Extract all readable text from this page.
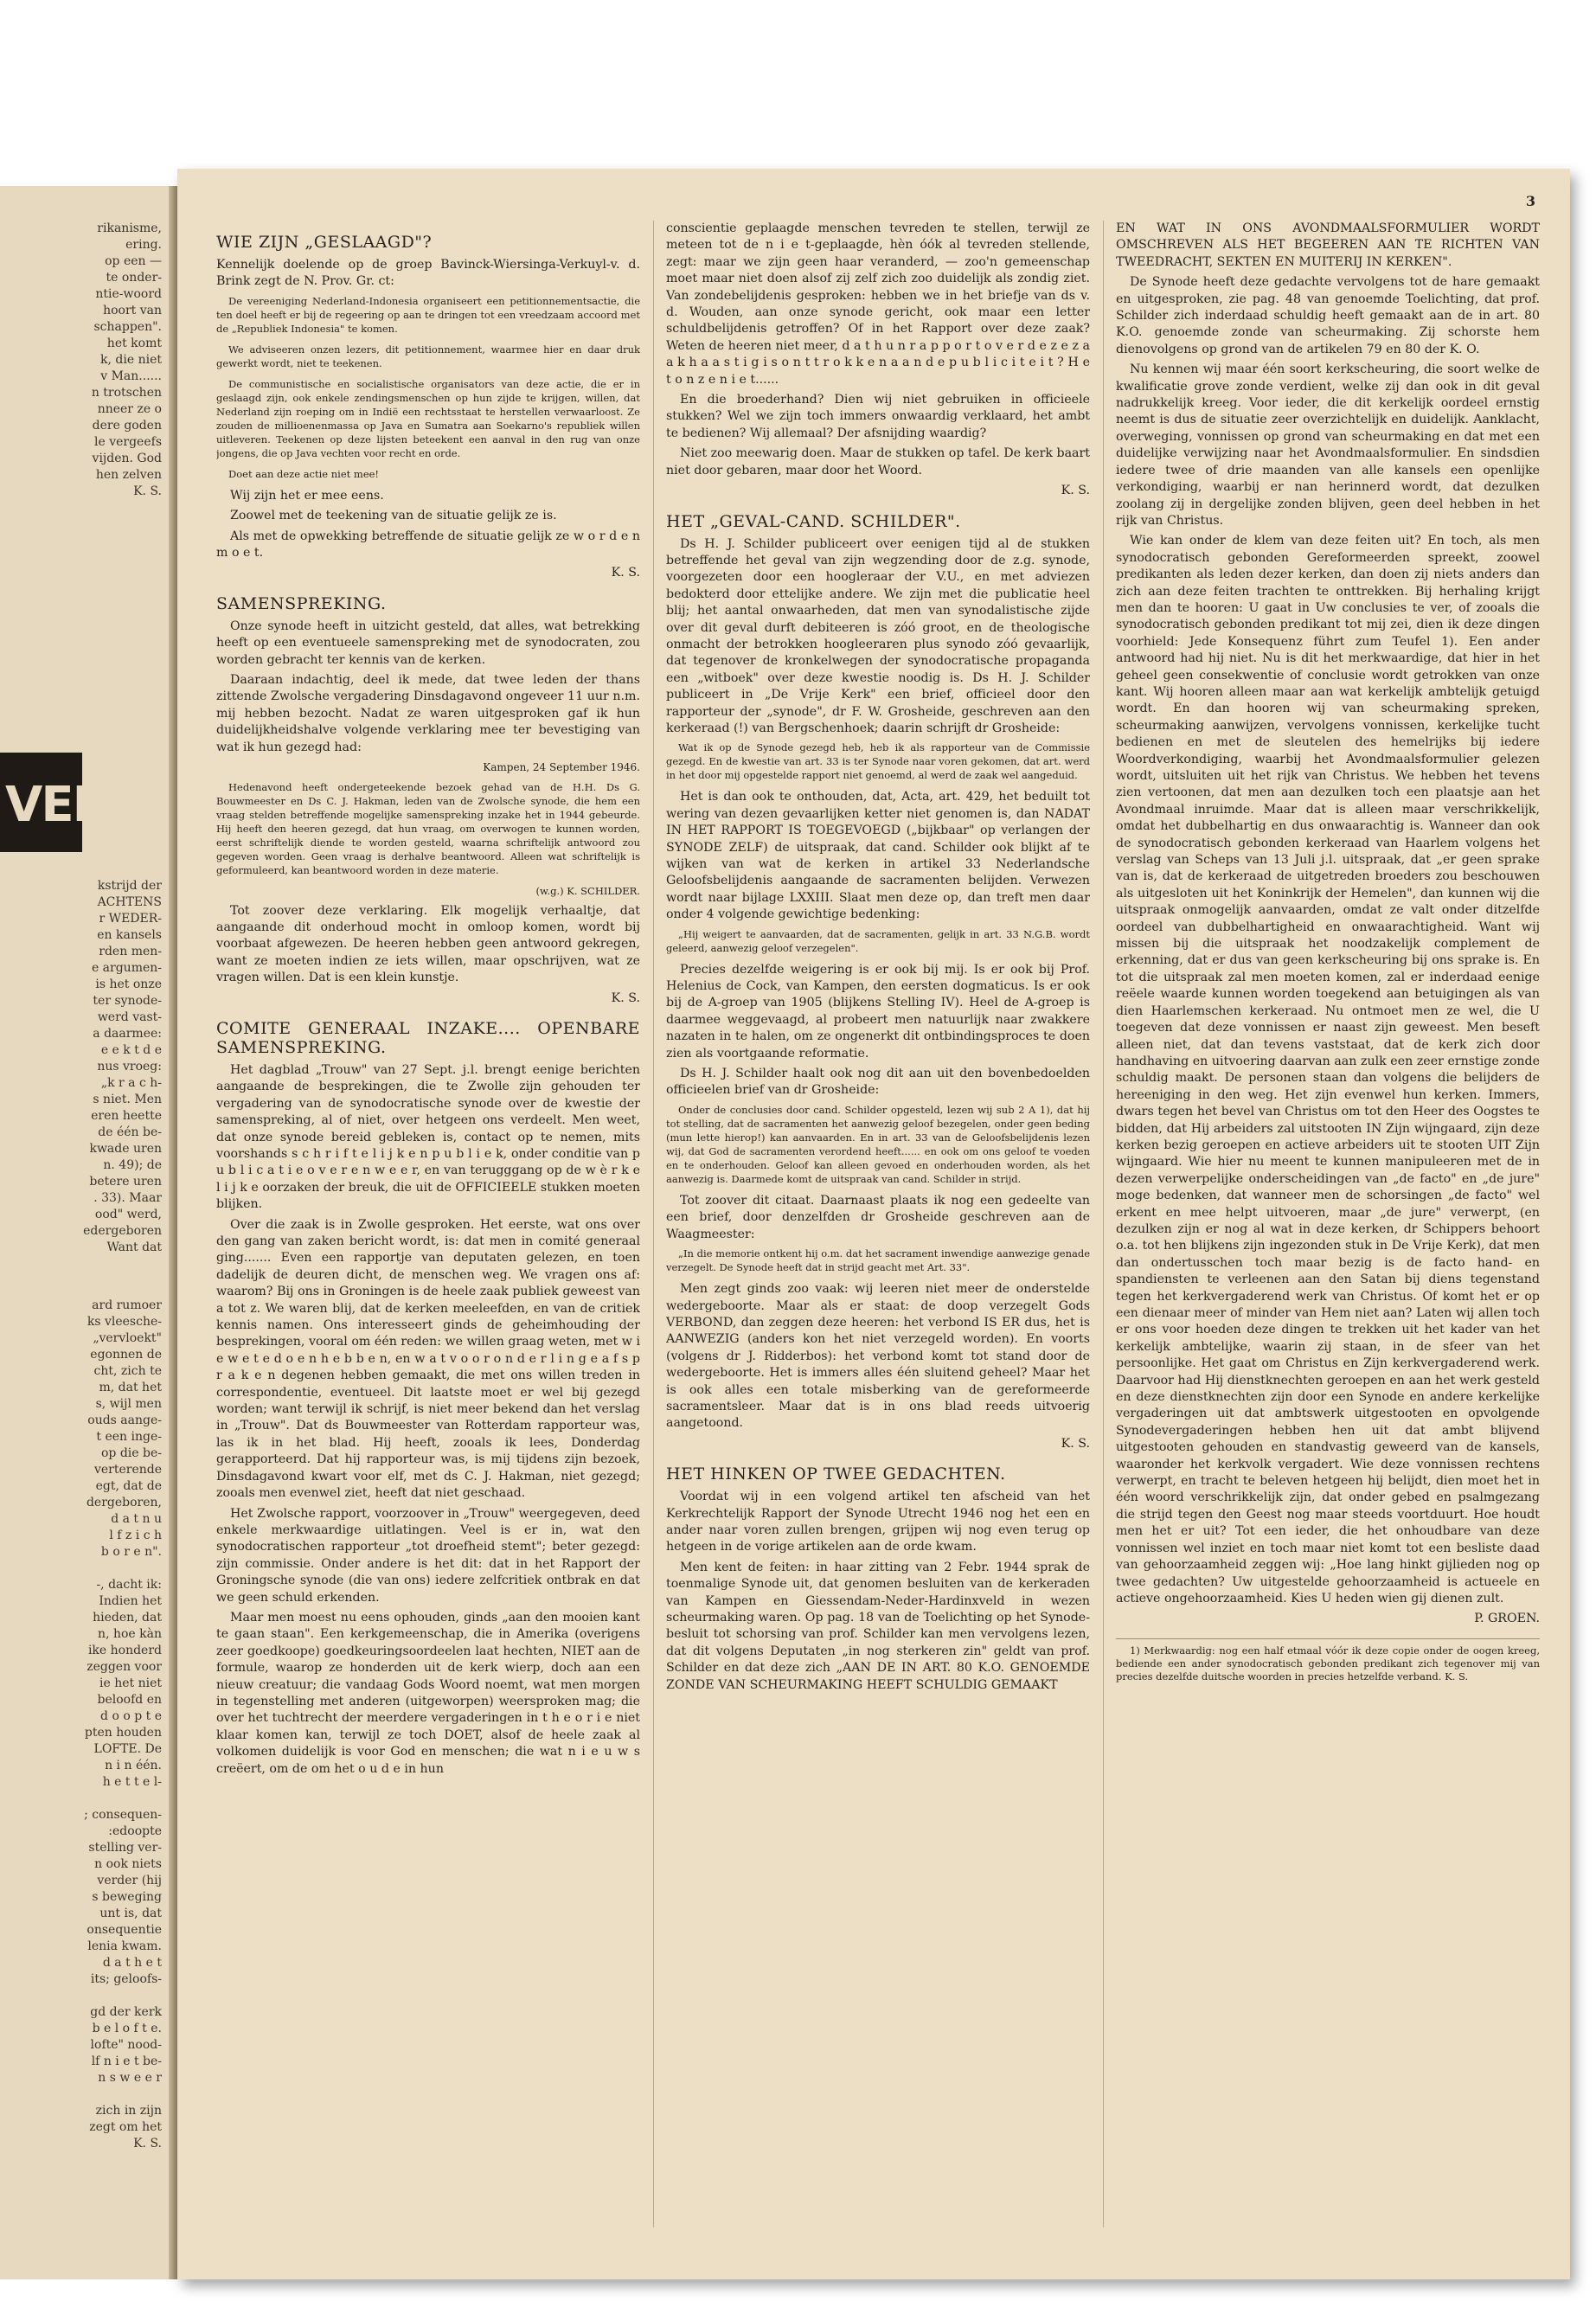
rikanisme,
ering.
op een —
te onder-
ntie-woord
hoort van
schappen".
het komt
k, die niet
v Man......
n trotschen
nneer ze o
dere goden
le vergeefs
vijden. God
hen zelven
K. S.
VEN
kstrijd der
ACHTENS
r WEDER-
en kansels
rden men-
e argumen-
is het onze
ter synode-
werd vast-
a daarmee:
e e k t d e
nus vroeg:
„k r a c h-
s niet. Men
eren heette
de één be-
kwade uren
n. 49); de
betere uren
. 33). Maar
ood" werd,
edergeboren
Want dat
ard rumoer
ks vleesche-
„vervloekt"
egonnen de
cht, zich te
m, dat het
s, wijl men
ouds aange-
t een inge-
op die be-
verterende
egt, dat de
dergeboren,
d a t n u
l f z i c h
b o r e n".

-, dacht ik:
Indien het
hieden, dat
n, hoe kàn
ike honderd
zeggen voor
ie het niet
beloofd en
d o o p t e
pten houden
LOFTE. De
n i n één.
h e t t e l-

; consequen-
:edoopte
stelling ver-
n ook niets
verder (hij
s beweging
unt is, dat
onsequentie
lenia kwam.
d a t h e t
its; geloofs-

gd der kerk
b e l o f t e.
lofte" nood-
lf n i e t be-
n s w e e r

zich in zijn
zegt om het
K. S.
3
WIE ZIJN „GESLAAGD"?

Kennelijk doelende op de groep Bavinck-Wiersinga-Verkuyl-v. d. Brink zegt de N. Prov. Gr. ct:

De vereeniging Nederland-Indonesia organiseert een petitionnementsactie, die ten doel heeft er bij de regeering op aan te dringen tot een vreedzaam accoord met de „Republiek Indonesia" te komen.

We adviseeren onzen lezers, dit petitionnement, waarmee hier en daar druk gewerkt wordt, niet te teekenen.

De communistische en socialistische organisators van deze actie, die er in geslaagd zijn, ook enkele zendingsmenschen op hun zijde te krijgen, willen, dat Nederland zijn roeping om in Indië een rechtsstaat te herstellen verwaarloost. Ze zouden de millioenenmassa op Java en Sumatra aan Soekarno's republiek willen uitleveren. Teekenen op deze lijsten beteekent een aanval in den rug van onze jongens, die op Java vechten voor recht en orde.

Doet aan deze actie niet mee!

Wij zijn het er mee eens.

Zoowel met de teekening van de situatie gelijk ze is.

Als met de opwekking betreffende de situatie gelijk ze w o r d e n m o e t.

K. S.

SAMENSPREKING.

Onze synode heeft in uitzicht gesteld, dat alles, wat betrekking heeft op een eventueele samenspreking met de synodocraten, zou worden gebracht ter kennis van de kerken.

Daaraan indachtig, deel ik mede, dat twee leden der thans zittende Zwolsche vergadering Dinsdagavond ongeveer 11 uur n.m. mij hebben bezocht. Nadat ze waren uitgesproken gaf ik hun duidelijkheidshalve volgende verklaring mee ter bevestiging van wat ik hun gezegd had:

Kampen, 24 September 1946.

Hedenavond heeft ondergeteekende bezoek gehad van de H.H. Ds G. Bouwmeester en Ds C. J. Hakman, leden van de Zwolsche synode, die hem een vraag stelden betreffende mogelijke samenspreking inzake het in 1944 gebeurde. Hij heeft den heeren gezegd, dat hun vraag, om overwogen te kunnen worden, eerst schriftelijk diende te worden gesteld, waarna schriftelijk antwoord zou gegeven worden. Geen vraag is derhalve beantwoord. Alleen wat schriftelijk is geformuleerd, kan beantwoord worden in deze materie.

(w.g.) K. SCHILDER.

Tot zoover deze verklaring. Elk mogelijk verhaaltje, dat aangaande dit onderhoud mocht in omloop komen, wordt bij voorbaat afgewezen. De heeren hebben geen antwoord gekregen, want ze moeten indien ze iets willen, maar opschrijven, wat ze vragen willen. Dat is een klein kunstje.

K. S.

COMITE GENERAAL INZAKE.... OPENBARE SAMENSPREKING.

Het dagblad „Trouw" van 27 Sept. j.l. brengt eenige berichten aangaande de besprekingen, die te Zwolle zijn gehouden ter vergadering van de synodocratische synode over de kwestie der samenspreking, al of niet, over hetgeen ons verdeelt. Men weet, dat onze synode bereid gebleken is, contact op te nemen, mits voorshands s c h r i f t e l i j k e n p u b l i e k, onder conditie van p u b l i c a t i e o v e r e n w e e r, en van terugggang op de w è r k e l i j k e oorzaken der breuk, die uit de OFFICIEELE stukken moeten blijken.

Over die zaak is in Zwolle gesproken. Het eerste, wat ons over den gang van zaken bericht wordt, is: dat men in comité generaal ging....... Even een rapportje van deputaten gelezen, en toen dadelijk de deuren dicht, de menschen weg. We vragen ons af: waarom? Bij ons in Groningen is de heele zaak publiek geweest van a tot z. We waren blij, dat de kerken meeleefden, en van de critiek kennis namen. Ons interesseert ginds de geheimhouding der besprekingen, vooral om één reden: we willen graag weten, met w i e w e t e d o e n h e b b e n, en w a t v o o r o n d e r l i n g e a f s p r a k e n degenen hebben gemaakt, die met ons willen treden in correspondentie, eventueel. Dit laatste moet er wel bij gezegd worden; want terwijl ik schrijf, is niet meer bekend dan het verslag in „Trouw". Dat ds Bouwmeester van Rotterdam rapporteur was, las ik in het blad. Hij heeft, zooals ik lees, Donderdag gerapporteerd. Dat hij rapporteur was, is mij tijdens zijn bezoek, Dinsdagavond kwart voor elf, met ds C. J. Hakman, niet gezegd; zooals men evenwel ziet, heeft dat niet geschaad.

Het Zwolsche rapport, voorzoover in „Trouw" weergegeven, deed enkele merkwaardige uitlatingen. Veel is er in, wat den synodocratischen rapporteur „tot droefheid stemt"; beter gezegd: zijn commissie. Onder andere is het dit: dat in het Rapport der Groningsche synode (die van ons) iedere zelfcritiek ontbrak en dat we geen schuld erkenden.

Maar men moest nu eens ophouden, ginds „aan den mooien kant te gaan staan". Een kerkgemeenschap, die in Amerika (overigens zeer goedkoope) goedkeuringsoordeelen laat hechten, NIET aan de formule, waarop ze honderden uit de kerk wierp, doch aan een nieuw creatuur; die vandaag Gods Woord noemt, wat men morgen in tegenstelling met anderen (uitgeworpen) weersproken mag; die over het tuchtrecht der meerdere vergaderingen in t h e o r i e niet klaar komen kan, terwijl ze toch DOET, alsof de heele zaak al volkomen duidelijk is voor God en menschen; die wat n i e u w s creëert, om de om het o u d e in hun

conscientie geplaagde menschen tevreden te stellen, terwijl ze meteen tot de n i e t-geplaagde, hèn óók al tevreden stellende, zegt: maar we zijn geen haar veranderd, — zoo'n gemeenschap moet maar niet doen alsof zij zelf zich zoo duidelijk als zondig ziet. Van zondebelijdenis gesproken: hebben we in het briefje van ds v. d. Wouden, aan onze synode gericht, ook maar een letter schuldbelijdenis getroffen? Of in het Rapport over deze zaak? Weten de heeren niet meer, d a t h u n r a p p o r t o v e r d e z e z a a k h a a s t i g i s o n t t r o k k e n a a n d e p u b l i c i t e i t ? H e t o n z e n i e t......

En die broederhand? Dien wij niet gebruiken in officieele stukken? Wel we zijn toch immers onwaardig verklaard, het ambt te bedienen? Wij allemaal? Der afsnijding waardig?

Niet zoo meewarig doen. Maar de stukken op tafel. De kerk baart niet door gebaren, maar door het Woord.

K. S.

HET „GEVAL-CAND. SCHILDER".

Ds H. J. Schilder publiceert over eenigen tijd al de stukken betreffende het geval van zijn wegzending door de z.g. synode, voorgezeten door een hoogleraar der V.U., en met adviezen bedokterd door ettelijke andere. We zijn met die publicatie heel blij; het aantal onwaarheden, dat men van synodalistische zijde over dit geval durft debiteeren is zóó groot, en de theologische onmacht der betrokken hoogleeraren plus synodo zóó gevaarlijk, dat tegenover de kronkelwegen der synodocratische propaganda een „witboek" over deze kwestie noodig is. Ds H. J. Schilder publiceert in „De Vrije Kerk" een brief, officieel door den rapporteur der „synode", dr F. W. Grosheide, geschreven aan den kerkeraad (!) van Bergschenhoek; daarin schrijft dr Grosheide:

Wat ik op de Synode gezegd heb, heb ik als rapporteur van de Commissie gezegd. En de kwestie van art. 33 is ter Synode naar voren gekomen, dat art. werd in het door mij opgestelde rapport niet genoemd, al werd de zaak wel aangeduid.

Het is dan ook te onthouden, dat, Acta, art. 429, het beduilt tot wering van dezen gevaarlijken ketter niet genomen is, dan NADAT IN HET RAPPORT IS TOEGEVOEGD („bijkbaar" op verlangen der SYNODE ZELF) de uitspraak, dat cand. Schilder ook blijkt af te wijken van wat de kerken in artikel 33 Nederlandsche Geloofsbelijdenis aangaande de sacramenten belijden. Verwezen wordt naar bijlage LXXIII. Slaat men deze op, dan treft men daar onder 4 volgende gewichtige bedenking:

„Hij weigert te aanvaarden, dat de sacramenten, gelijk in art. 33 N.G.B. wordt geleerd, aanwezig geloof verzegelen".

Precies dezelfde weigering is er ook bij mij. Is er ook bij Prof. Helenius de Cock, van Kampen, den eersten dogmaticus. Is er ook bij de A-groep van 1905 (blijkens Stelling IV). Heel de A-groep is daarmee weggevaagd, al probeert men natuurlijk naar zwakkere nazaten in te halen, om ze ongenerkt dit ontbindingsproces te doen zien als voortgaande reformatie.

Ds H. J. Schilder haalt ook nog dit aan uit den bovenbedoelden officieelen brief van dr Grosheide:

Onder de conclusies door cand. Schilder opgesteld, lezen wij sub 2 A 1), dat hij tot stelling, dat de sacramenten het aanwezig geloof bezegelen, onder geen beding (mun lette hierop!) kan aanvaarden. En in art. 33 van de Geloofsbelijdenis lezen wij, dat God de sacramenten verordend heeft...... en ook om ons geloof te voeden en te onderhouden. Geloof kan alleen gevoed en onderhouden worden, als het aanwezig is. Daarmede komt de uitspraak van cand. Schilder in strijd.

Tot zoover dit citaat. Daarnaast plaats ik nog een gedeelte van een brief, door denzelfden dr Grosheide geschreven aan de Waagmeester:

„In die memorie ontkent hij o.m. dat het sacrament inwendige aanwezige genade verzegelt. De Synode heeft dat in strijd geacht met Art. 33".

Men zegt ginds zoo vaak: wij leeren niet meer de onderstelde wedergeboorte. Maar als er staat: de doop verzegelt Gods VERBOND, dan zeggen deze heeren: het verbond IS ER dus, het is AANWEZIG (anders kon het niet verzegeld worden). En voorts (volgens dr J. Ridderbos): het verbond komt tot stand door de wedergeboorte. Het is immers alles één sluitend geheel? Maar het is ook alles een totale misberking van de gereformeerde sacramentsleer. Maar dat is in ons blad reeds uitvoerig aangetoond.

K. S.

HET HINKEN OP TWEE GEDACHTEN.

Voordat wij in een volgend artikel ten afscheid van het Kerkrechtelijk Rapport der Synode Utrecht 1946 nog het een en ander naar voren zullen brengen, grijpen wij nog even terug op hetgeen in de vorige artikelen aan de orde kwam.

Men kent de feiten: in haar zitting van 2 Febr. 1944 sprak de toenmalige Synode uit, dat genomen besluiten van de kerkeraden van Kampen en Giessendam-Neder-Hardinxveld in wezen scheurmaking waren. Op pag. 18 van de Toelichting op het Synode-besluit tot schorsing van prof. Schilder kan men vervolgens lezen, dat dit volgens Deputaten „in nog sterkeren zin" geldt van prof. Schilder en dat deze zich „AAN DE IN ART. 80 K.O. GENOEMDE ZONDE VAN SCHEURMAKING HEEFT SCHULDIG GEMAAKT

EN WAT IN ONS AVONDMAALSFORMULIER WORDT OMSCHREVEN ALS HET BEGEEREN AAN TE RICHTEN VAN TWEEDRACHT, SEKTEN EN MUITERIJ IN KERKEN".

De Synode heeft deze gedachte vervolgens tot de hare gemaakt en uitgesproken, zie pag. 48 van genoemde Toelichting, dat prof. Schilder zich inderdaad schuldig heeft gemaakt aan de in art. 80 K.O. genoemde zonde van scheurmaking. Zij schorste hem dienovolgens op grond van de artikelen 79 en 80 der K. O.

Nu kennen wij maar één soort kerkscheuring, die soort welke de kwalificatie grove zonde verdient, welke zij dan ook in dit geval nadrukkelijk kreeg. Voor ieder, die dit kerkelijk oordeel ernstig neemt is dus de situatie zeer overzichtelijk en duidelijk. Aanklacht, overweging, vonnissen op grond van scheurmaking en dat met een duidelijke verwijzing naar het Avondmaalsformulier. En sindsdien iedere twee of drie maanden van alle kansels een openlijke verkondiging, waarbij er nan herinnerd wordt, dat dezulken zoolang zij in dergelijke zonden blijven, geen deel hebben in het rijk van Christus.

Wie kan onder de klem van deze feiten uit? En toch, als men synodocratisch gebonden Gereformeerden spreekt, zoowel predikanten als leden dezer kerken, dan doen zij niets anders dan zich aan deze feiten trachten te onttrekken. Bij herhaling krijgt men dan te hooren: U gaat in Uw conclusies te ver, of zooals die synodocratisch gebonden predikant tot mij zei, dien ik deze dingen voorhield: Jede Konsequenz führt zum Teufel 1). Een ander antwoord had hij niet. Nu is dit het merkwaardige, dat hier in het geheel geen consekwentie of conclusie wordt getrokken van onze kant. Wij hooren alleen maar aan wat kerkelijk ambtelijk getuigd wordt. En dan hooren wij van scheurmaking spreken, scheurmaking aanwijzen, vervolgens vonnissen, kerkelijke tucht bedienen en met de sleutelen des hemelrijks bij iedere Woordverkondiging, waarbij het Avondmaalsformulier gelezen wordt, uitsluiten uit het rijk van Christus. We hebben het tevens zien vertoonen, dat men aan dezulken toch een plaatsje aan het Avondmaal inruimde. Maar dat is alleen maar verschrikkelijk, omdat het dubbelhartig en dus onwaarachtig is. Wanneer dan ook de synodocratisch gebonden kerkeraad van Haarlem volgens het verslag van Scheps van 13 Juli j.l. uitspraak, dat „er geen sprake van is, dat de kerkeraad de uitgetreden broeders zou beschouwen als uitgesloten uit het Koninkrijk der Hemelen", dan kunnen wij die uitspraak onmogelijk aanvaarden, omdat ze valt onder ditzelfde oordeel van dubbelhartigheid en onwaarachtigheid. Want wij missen bij die uitspraak het noodzakelijk complement de erkenning, dat er dus van geen kerkscheuring bij ons sprake is. En tot die uitspraak zal men moeten komen, zal er inderdaad eenige reëele waarde kunnen worden toegekend aan betuigingen als van dien Haarlemschen kerkeraad. Nu ontmoet men ze wel, die U toegeven dat deze vonnissen er naast zijn geweest. Men beseft alleen niet, dat dan tevens vaststaat, dat de kerk zich door handhaving en uitvoering daarvan aan zulk een zeer ernstige zonde schuldig maakt. De personen staan dan volgens die belijders de hereeniging in den weg. Het zijn evenwel hun kerken. Immers, dwars tegen het bevel van Christus om tot den Heer des Oogstes te bidden, dat Hij arbeiders zal uitstooten IN Zijn wijngaard, zijn deze kerken bezig geroepen en actieve arbeiders uit te stooten UIT Zijn wijngaard. Wie hier nu meent te kunnen manipuleeren met de in dezen verwerpelijke onderscheidingen van „de facto" en „de jure" moge bedenken, dat wanneer men de schorsingen „de facto" wel erkent en mee helpt uitvoeren, maar „de jure" verwerpt, (en dezulken zijn er nog al wat in deze kerken, dr Schippers behoort o.a. tot hen blijkens zijn ingezonden stuk in De Vrije Kerk), dat men dan ondertusschen toch maar bezig is de facto hand- en spandiensten te verleenen aan den Satan bij diens tegenstand tegen het kerkvergaderend werk van Christus. Of komt het er op een dienaar meer of minder van Hem niet aan? Laten wij allen toch er ons voor hoeden deze dingen te trekken uit het kader van het kerkelijk ambtelijke, waarin zij staan, in de sfeer van het persoonlijke. Het gaat om Christus en Zijn kerkvergaderend werk. Daarvoor had Hij dienstknechten geroepen en aan het werk gesteld en deze dienstknechten zijn door een Synode en andere kerkelijke vergaderingen uit dat ambtswerk uitgestooten en opvolgende Synodevergaderingen hebben hen uit dat ambt blijvend uitgestooten gehouden en standvastig geweerd van de kansels, waaronder het kerkvolk vergadert. Wie deze vonnissen rechtens verwerpt, en tracht te beleven hetgeen hij belijdt, dien moet het in één woord verschrikkelijk zijn, dat onder gebed en psalmgezang die strijd tegen den Geest nog maar steeds voortduurt. Hoe houdt men het er uit? Tot een ieder, die het onhoudbare van deze vonnissen wel inziet en toch maar niet komt tot een besliste daad van gehoorzaamheid zeggen wij: „Hoe lang hinkt gijlieden nog op twee gedachten? Uw uitgestelde gehoorzaamheid is actueele en actieve ongehoorzaamheid. Kies U heden wien gij dienen zult.

P. GROEN.

1) Merkwaardig: nog een half etmaal vóór ik deze copie onder de oogen kreeg, bediende een ander synodocratisch gebonden predikant zich tegenover mij van precies dezelfde duitsche woorden in precies hetzelfde verband. K. S.
